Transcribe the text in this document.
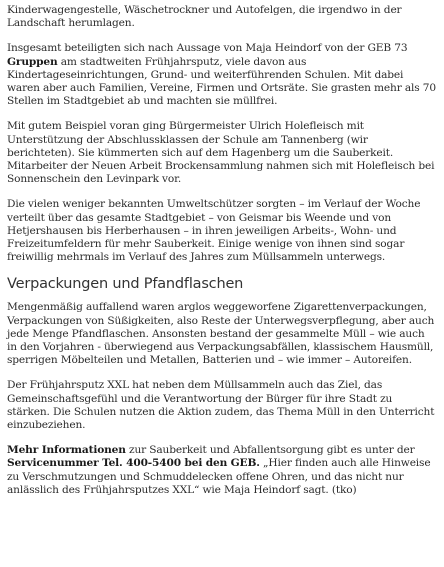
Kinderwagengestelle, Wäschetrockner und Autofelgen, die irgendwo in der Landschaft herumlagen.

Insgesamt beteiligten sich nach Aussage von Maja Heindorf von der GEB 73 Gruppen am stadtweiten Frühjahrsputz, viele davon aus Kindertageseinrichtungen, Grund- und weiterführenden Schulen. Mit dabei waren aber auch Familien, Vereine, Firmen und Ortsräte. Sie grasten mehr als 70 Stellen im Stadtgebiet ab und machten sie müllfrei.

Mit gutem Beispiel voran ging Bürgermeister Ulrich Holefleisch mit Unterstützung der Abschlussklassen der Schule am Tannenberg (wir berichteten). Sie kümmerten sich auf dem Hagenberg um die Sauberkeit. Mitarbeiter der Neuen Arbeit Brockensammlung nahmen sich mit Holefleisch bei Sonnenschein den Levinpark vor.

Die vielen weniger bekannten Umweltschützer sorgten – im Verlauf der Woche verteilt über das gesamte Stadtgebiet – von Geismar bis Weende und von Hetjershausen bis Herberhausen – in ihren jeweiligen Arbeits-, Wohn- und Freizeitumfeldern für mehr Sauberkeit. Einige wenige von ihnen sind sogar freiwillig mehrmals im Verlauf des Jahres zum Müllsammeln unterwegs.

Verpackungen und Pfandflaschen

Mengenmäßig auffallend waren arglos weggeworfene Zigarettenverpackungen, Verpackungen von Süßigkeiten, also Reste der Unterwegsverpflegung, aber auch jede Menge Pfandflaschen. Ansonsten bestand der gesammelte Müll – wie auch in den Vorjahren - überwiegend aus Verpackungsabfällen, klassischem Hausmüll, sperrigen Möbelteilen und Metallen, Batterien und – wie immer – Autoreifen.

Der Frühjahrsputz XXL hat neben dem Müllsammeln auch das Ziel, das Gemeinschaftsgefühl und die Verantwortung der Bürger für ihre Stadt zu stärken. Die Schulen nutzen die Aktion zudem, das Thema Müll in den Unterricht einzubeziehen.

Mehr Informationen zur Sauberkeit und Abfallentsorgung gibt es unter der Servicenummer Tel. 400-5400 bei den GEB. „Hier finden auch alle Hinweise zu Verschmutzungen und Schmuddelecken offene Ohren, und das nicht nur anlässlich des Frühjahrsputzes XXL“ wie Maja Heindorf sagt. (tko)
